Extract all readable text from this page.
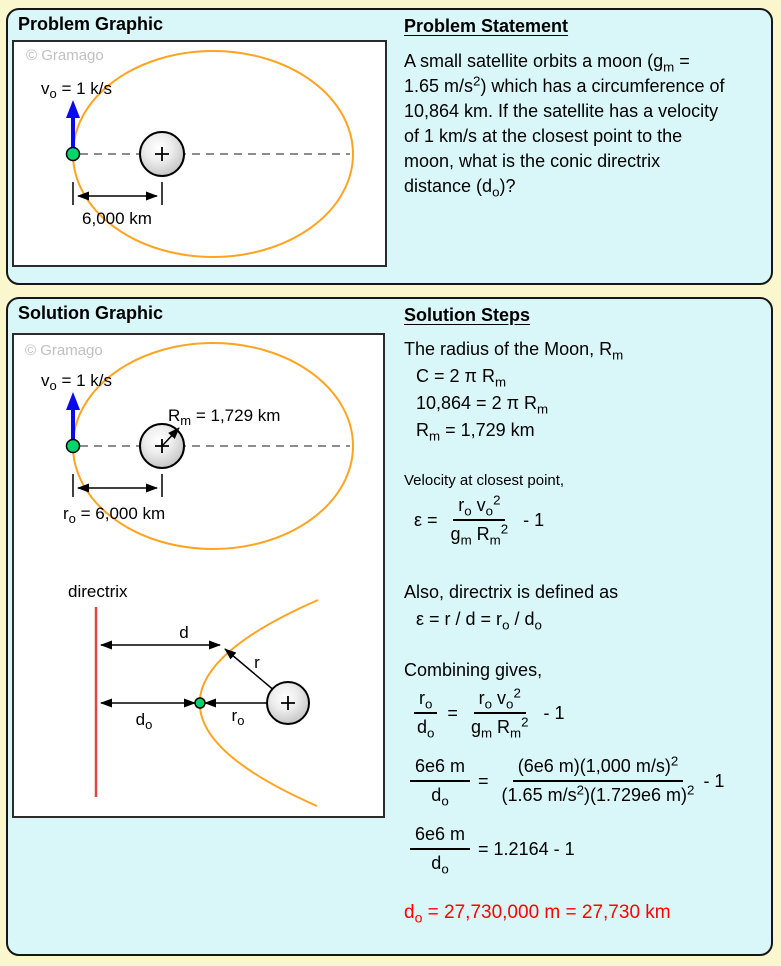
Problem Graphic
© Gramago
6,000 km
$v_o = 1$ k/s
Problem Statement
A small satellite orbits a moon ($g_m$ =
1.65 $m/s^2$) which has a circumference of
10,864 km. If the satellite has a velocity
of 1 km/s at the closest point to the
moon, what is the conic directrix
distance $(d_o)$?
Solution Graphic
© Gramago
$r_o = 6,000$ km
$R_m = 1,729$ km
$v_o = 1$ k/s
directrix
d
r
$d_o$	$r_o$
Solution Steps
The radius of the Moon, $R_m$
C = 2 π $R_m$
10,864 = 2 π $R_m$
$R_m = 1,729$ km
Velocity at closest point,
$\varepsilon = \frac{r_o v_o^2}{g_m R_m^2} - 1$
Also, directrix is defined as
$\varepsilon = r / d = r_o / d_o$
Combining gives,
$\frac{r_o}{d_o} = \frac{r_o v_o^2}{g_m R_m^2} - 1$
$\frac{6e6 m}{d_o} = \frac{(6e6 m)(1,000 m/s)^2}{(1.65 m/s^2)(1.729e6 m)^2} - 1$
$\frac{6e6 m}{d_o} = 1.2164 - 1$
$d_o = 27,730,000$ m = 27,730 km
